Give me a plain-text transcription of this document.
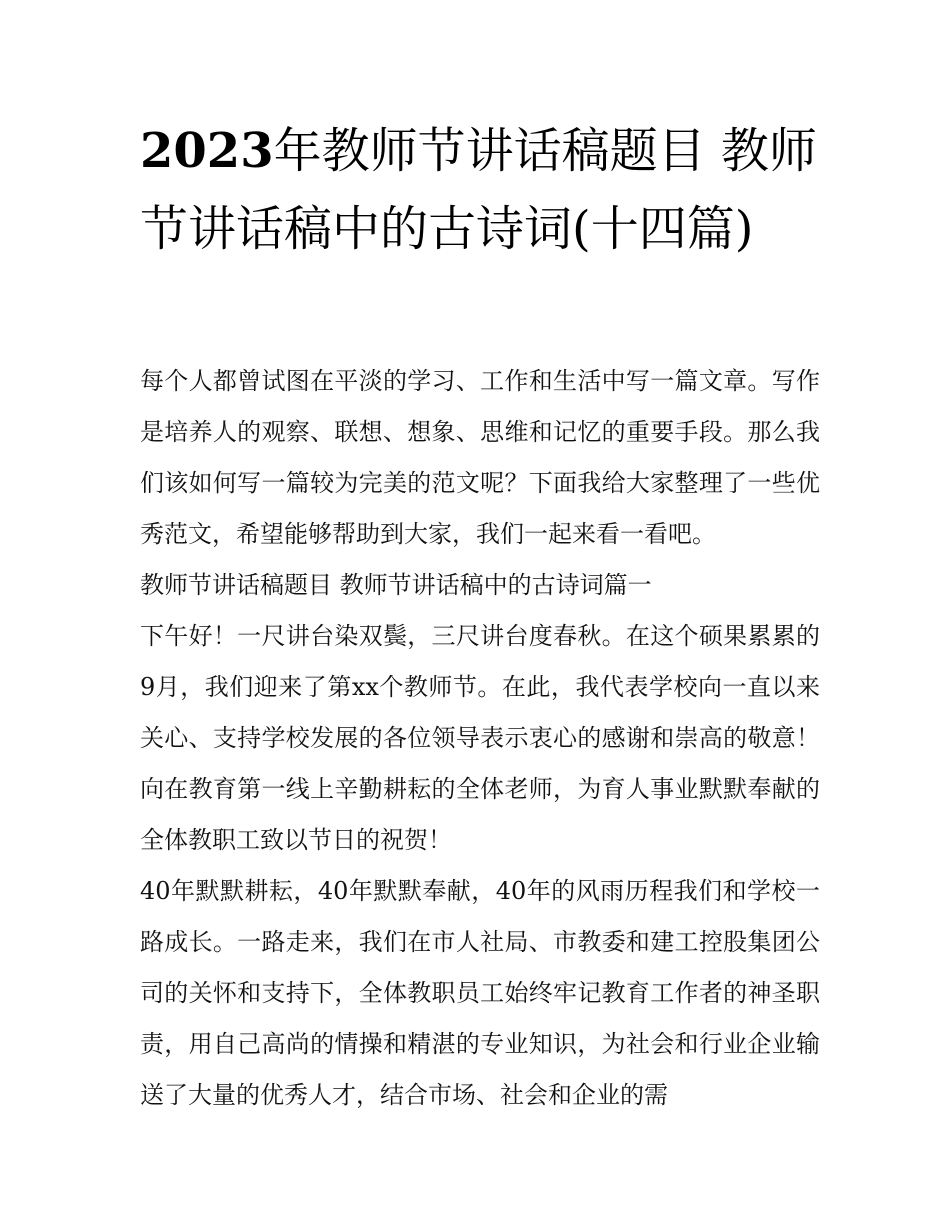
2023年教师节讲话稿题目 教师节讲话稿中的古诗词(十四篇)

每个人都曾试图在平淡的学习、工作和生活中写一篇文章。写作是培养人的观察、联想、想象、思维和记忆的重要手段。那么我们该如何写一篇较为完美的范文呢？下面我给大家整理了一些优秀范文，希望能够帮助到大家，我们一起来看一看吧。

教师节讲话稿题目 教师节讲话稿中的古诗词篇一

下午好！一尺讲台染双鬓，三尺讲台度春秋。在这个硕果累累的9月，我们迎来了第xx个教师节。在此，我代表学校向一直以来关心、支持学校发展的各位领导表示衷心的感谢和崇高的敬意！向在教育第一线上辛勤耕耘的全体老师，为育人事业默默奉献的全体教职工致以节日的祝贺！

40年默默耕耘，40年默默奉献，40年的风雨历程我们和学校一路成长。一路走来，我们在市人社局、市教委和建工控股集团公司的关怀和支持下，全体教职员工始终牢记教育工作者的神圣职责，用自己高尚的情操和精湛的专业知识，为社会和行业企业输送了大量的优秀人才，结合市场、社会和企业的需
